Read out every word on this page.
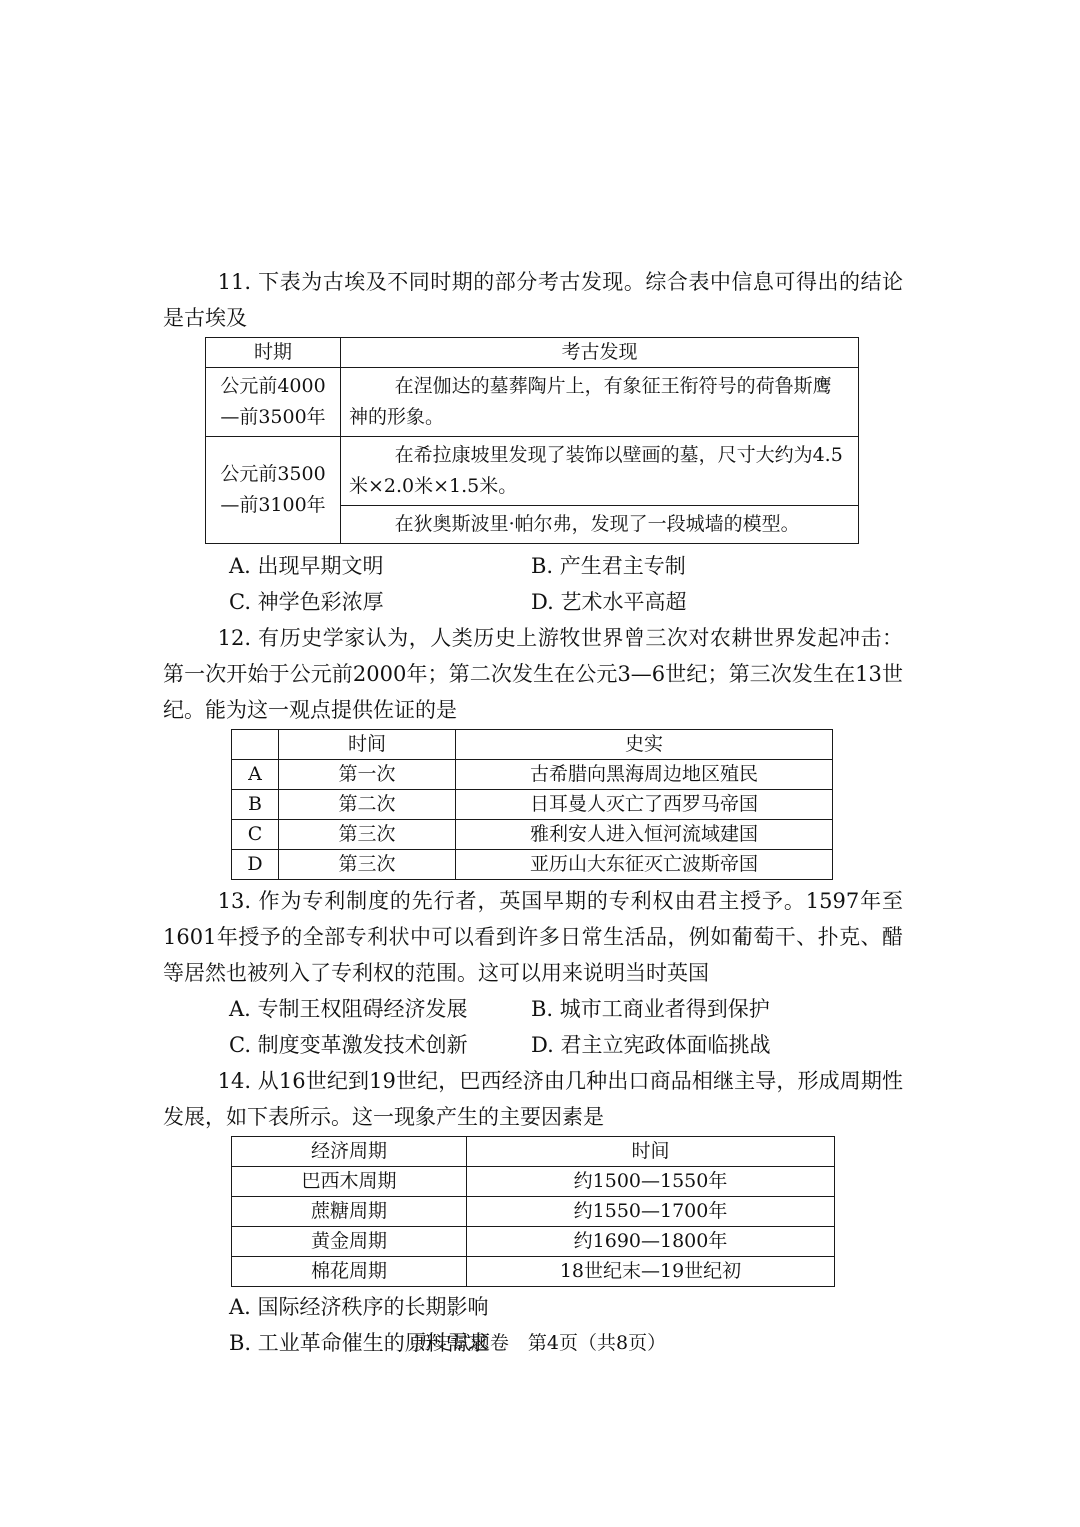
11. 下表为古埃及不同时期的部分考古发现。综合表中信息可得出的结论是古埃及

时期	考古发现
公元前4000—前3500年	在涅伽达的墓葬陶片上，有象征王衔符号的荷鲁斯鹰神的形象。

公元前3500—前3100年	在希拉康坡里发现了装饰以壁画的墓，尺寸大约为4.5米×2.0米×1.5米。

	在狄奥斯波里·帕尔弗，发现了一段城墙的模型。

A. 出现早期文明	B. 产生君主专制
C. 神学色彩浓厚	D. 艺术水平高超

12. 有历史学家认为，人类历史上游牧世界曾三次对农耕世界发起冲击：第一次开始于公元前2000年；第二次发生在公元3—6世纪；第三次发生在13世纪。能为这一观点提供佐证的是

	时间	史实
A	第一次	古希腊向黑海周边地区殖民
B	第二次	日耳曼人灭亡了西罗马帝国
C	第三次	雅利安人进入恒河流域建国
D	第三次	亚历山大东征灭亡波斯帝国

13. 作为专利制度的先行者，英国早期的专利权由君主授予。1597年至1601年授予的全部专利状中可以看到许多日常生活品，例如葡萄干、扑克、醋等居然也被列入了专利权的范围。这可以用来说明当时英国

A. 专制王权阻碍经济发展	B. 城市工商业者得到保护
C. 制度变革激发技术创新	D. 君主立宪政体面临挑战

14. 从16世纪到19世纪，巴西经济由几种出口商品相继主导，形成周期性发展，如下表所示。这一现象产生的主要因素是

经济周期	时间
巴西木周期	约1500—1550年
蔗糖周期	约1550—1700年
黄金周期	约1690—1800年
棉花周期	18世纪末—19世纪初
A. 国际经济秩序的长期影响
B. 工业革命催生的原料需求
历史试题卷　第4页（共8页）
